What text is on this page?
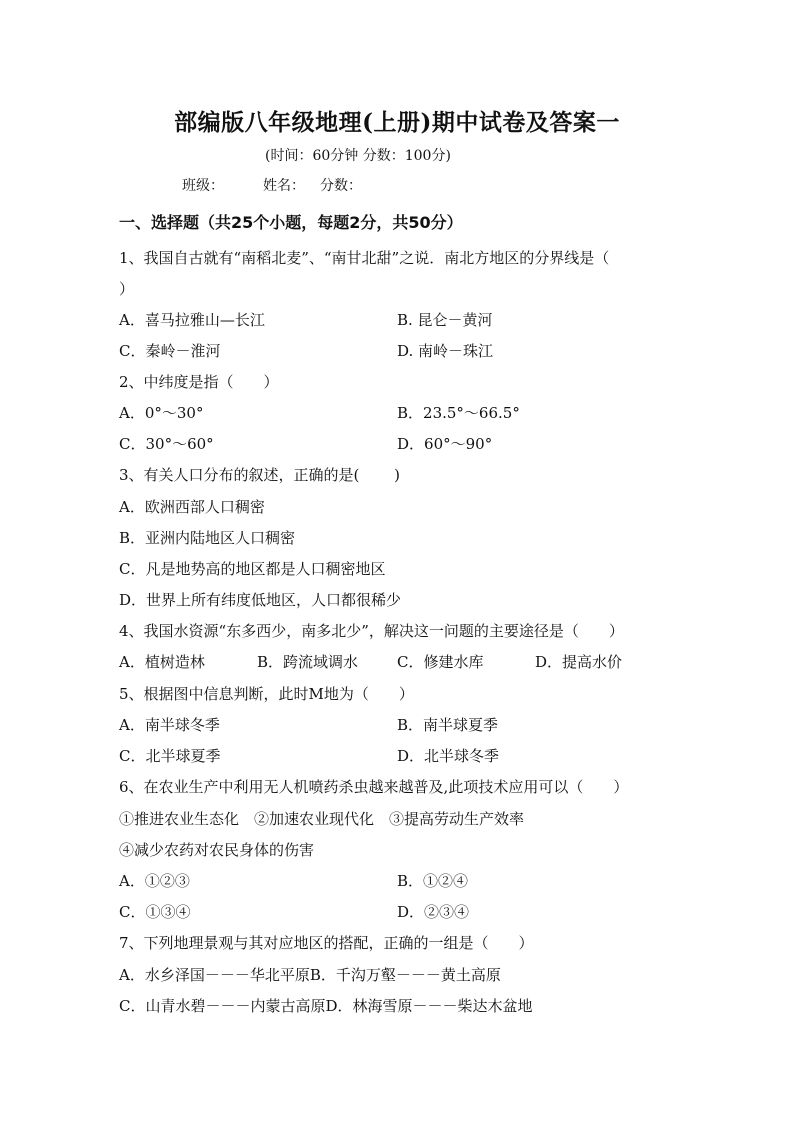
部编版八年级地理(上册)期中试卷及答案一
(时间：60分钟 分数：100分)
班级：	姓名： 分数：
一、选择题（共25个小题，每题2分，共50分）
1、我国自古就有“南稻北麦”、“南甘北甜”之说．南北方地区的分界线是（
）
A．喜马拉雅山—长江	B. 昆仑－黄河
C．秦岭－淮河	D. 南岭－珠江
2、中纬度是指（　　）
A．0°～30°	B．23.5°～66.5°
C．30°～60°	D．60°～90°
3、有关人口分布的叙述，正确的是(　　 )
A．欧洲西部人口稠密
B．亚洲内陆地区人口稠密
C．凡是地势高的地区都是人口稠密地区
D．世界上所有纬度低地区，人口都很稀少
4、我国水资源“东多西少，南多北少”，解决这一问题的主要途径是（　　）
A．植树造林	B．跨流域调水	C．修建水库	D．提高水价
5、根据图中信息判断，此时M地为（　　）
A．南半球冬季	B．南半球夏季
C．北半球夏季	D．北半球冬季
6、在农业生产中利用无人机喷药杀虫越来越普及,此项技术应用可以（　　）
①推进农业生态化　②加速农业现代化　③提高劳动生产效率
④减少农药对农民身体的伤害
A．①②③	B．①②④
C．①③④	D．②③④
7、下列地理景观与其对应地区的搭配，正确的一组是（　　）
A．水乡泽国－－－华北平原B．千沟万壑－－－黄土高原
C．山青水碧－－－内蒙古高原D．林海雪原－－－柴达木盆地
